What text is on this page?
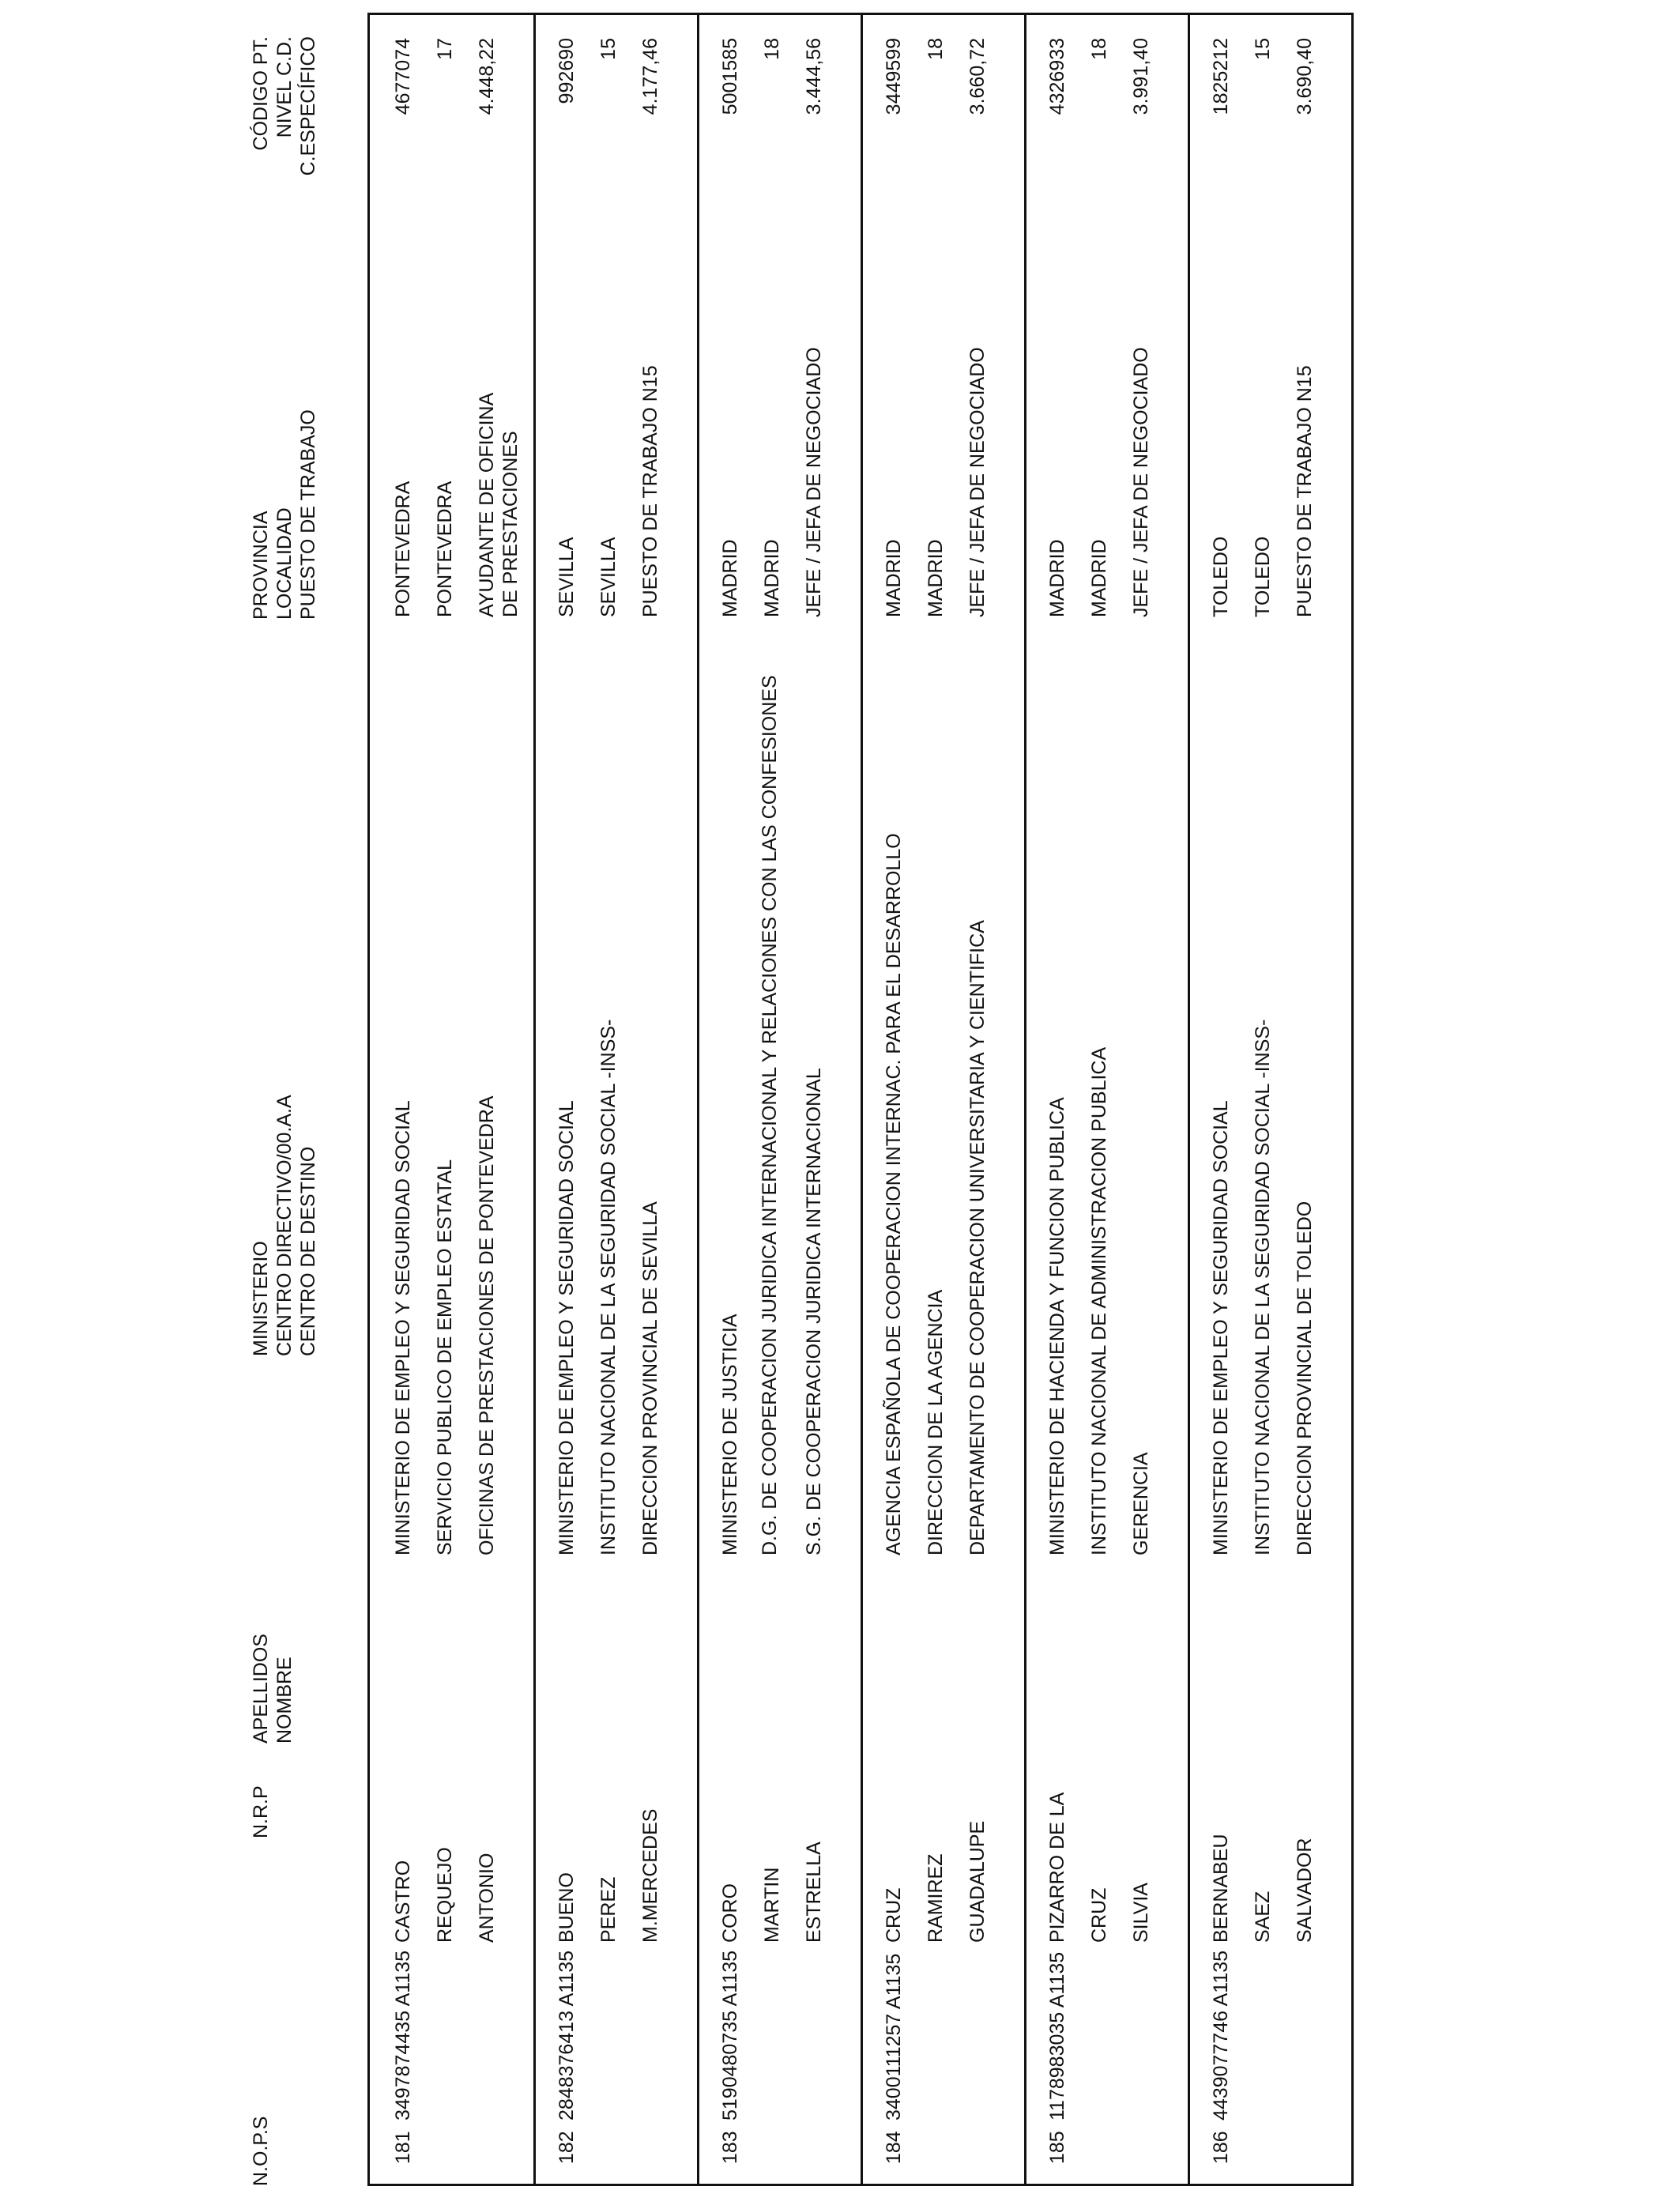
N.O.P.S
N.R.P
APELLIDOS NOMBRE
MINISTERIO CENTRO DIRECTIVO/00.A.A CENTRO DE DESTINO
PROVINCIA LOCALIDAD PUESTO DE TRABAJO
CÓDIGO PT. NIVEL C.D. C.ESPECÍFICO
181
3497874435 A1135
CASTRO REQUEJO ANTONIO
MINISTERIO DE EMPLEO Y SEGURIDAD SOCIAL SERVICIO PUBLICO DE EMPLEO ESTATAL OFICINAS DE PRESTACIONES DE PONTEVEDRA
PONTEVEDRA PONTEVEDRA AYUDANTE DE OFICINA DE PRESTACIONES
4677074 17 4.448,22
182
2848376413 A1135
BUENO PEREZ M.MERCEDES
MINISTERIO DE EMPLEO Y SEGURIDAD SOCIAL INSTITUTO NACIONAL DE LA SEGURIDAD SOCIAL -INSS- DIRECCION PROVINCIAL DE SEVILLA
SEVILLA SEVILLA PUESTO DE TRABAJO N15
992690 15 4.177,46
183
5190480735 A1135
CORO MARTIN ESTRELLA
MINISTERIO DE JUSTICIA D.G. DE COOPERACION JURIDICA INTERNACIONAL Y RELACIONES CON LAS CONFESIONES S.G. DE COOPERACION JURIDICA INTERNACIONAL
MADRID MADRID JEFE / JEFA DE NEGOCIADO
5001585 18 3.444,56
184
3400111257 A1135
CRUZ RAMIREZ GUADALUPE
AGENCIA ESPAÑOLA DE COOPERACION INTERNAC. PARA EL DESARROLLO DIRECCION DE LA AGENCIA DEPARTAMENTO DE COOPERACION UNIVERSITARIA Y CIENTIFICA
MADRID MADRID JEFE / JEFA DE NEGOCIADO
3449599 18 3.660,72
185
1178983035 A1135
PIZARRO DE LA CRUZ SILVIA
MINISTERIO DE HACIENDA Y FUNCION PUBLICA INSTITUTO NACIONAL DE ADMINISTRACION PUBLICA GERENCIA
MADRID MADRID JEFE / JEFA DE NEGOCIADO
4326933 18 3.991,40
186
4439077746 A1135
BERNABEU SAEZ SALVADOR
MINISTERIO DE EMPLEO Y SEGURIDAD SOCIAL INSTITUTO NACIONAL DE LA SEGURIDAD SOCIAL -INSS- DIRECCION PROVINCIAL DE TOLEDO
TOLEDO TOLEDO PUESTO DE TRABAJO N15
1825212 15 3.690,40
